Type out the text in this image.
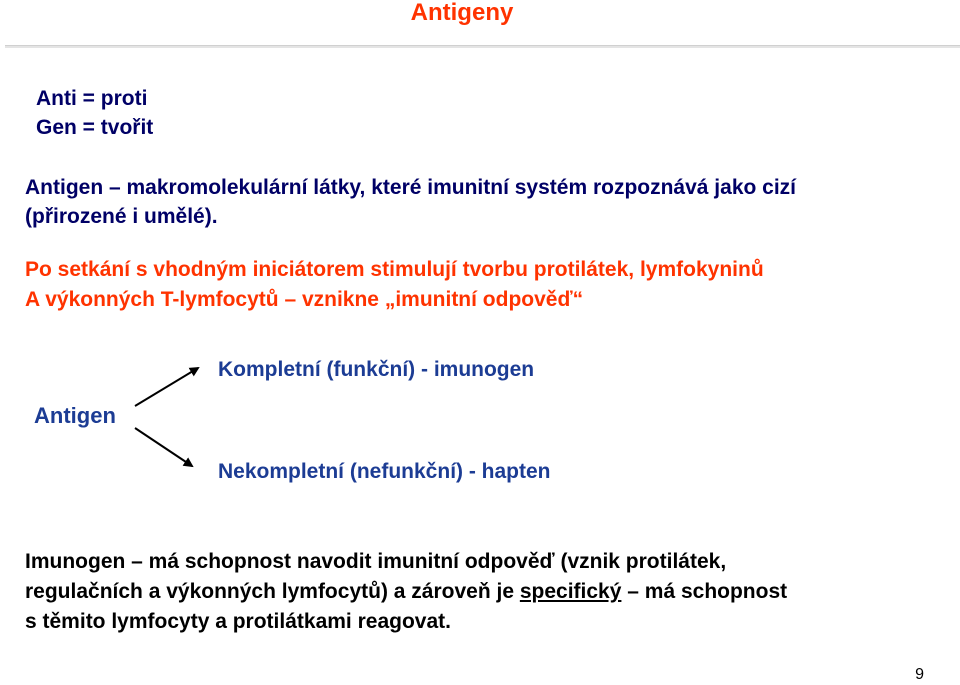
Antigeny
Anti = proti
Gen = tvořit
Antigen – makromolekulární látky, které imunitní systém rozpoznává jako cizí
(přirozené i umělé).
Po setkání s vhodným iniciátorem stimulují tvorbu protilátek, lymfokyninů
A výkonných T-lymfocytů – vznikne „imunitní odpověď“
Antigen
Kompletní (funkční) - imunogen
Nekompletní (nefunkční) - hapten
Imunogen – má schopnost navodit imunitní odpověď (vznik protilátek,
regulačních a výkonných lymfocytů) a zároveň je specifický – má schopnost
s těmito lymfocyty a protilátkami reagovat.
9
